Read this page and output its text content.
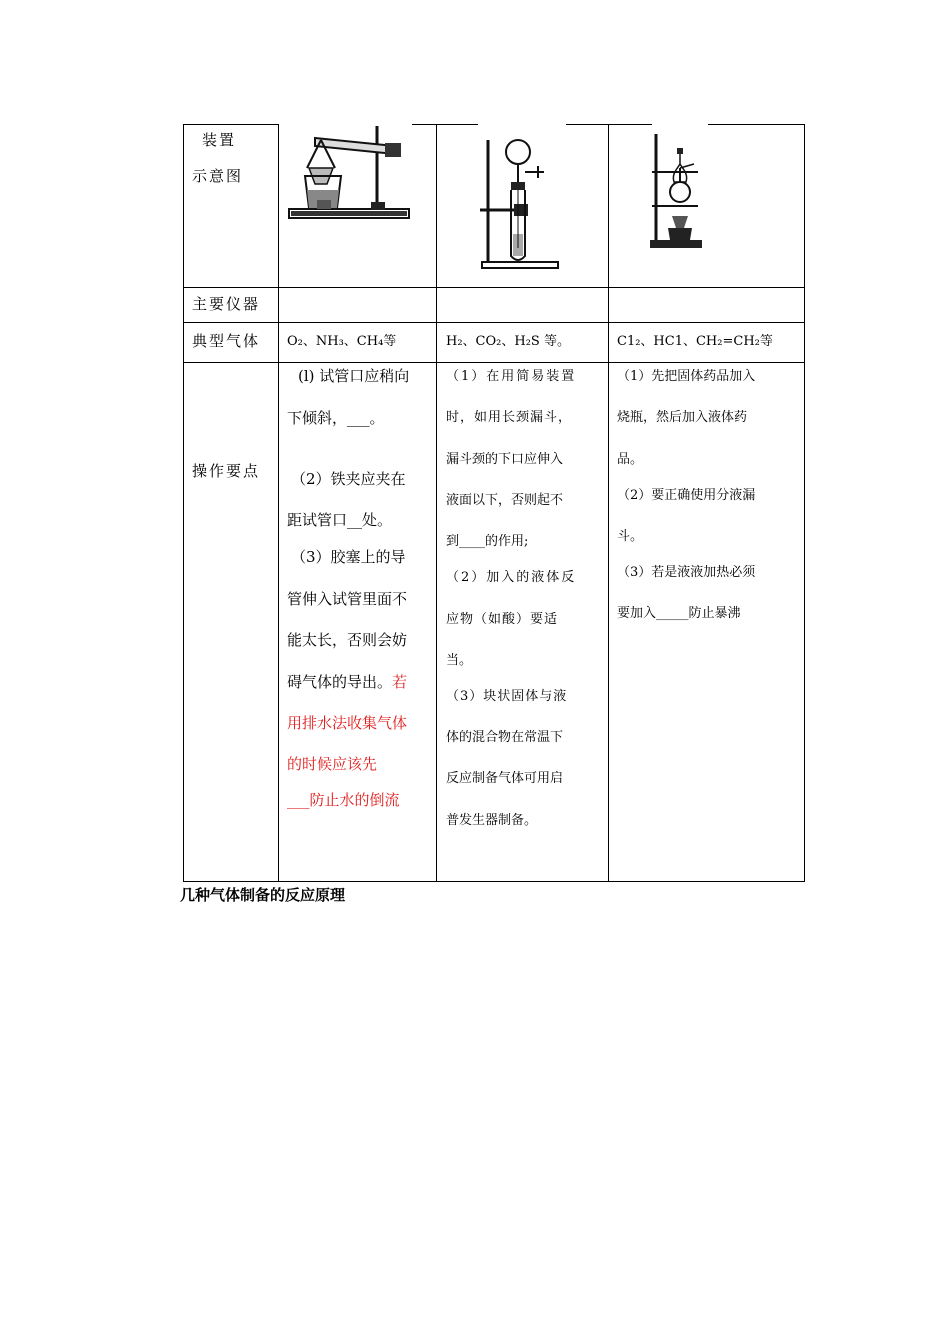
装置
示意图
主要仪器
典型气体 O₂、NH₃、CH₄等	H₂、CO₂、H₂S 等。	C1₂、HC1、CH₂=CH₂等
操作要点
(l) 试管口应稍向
下倾斜，___。
（2）铁夹应夹在
距试管口__处。
（3）胶塞上的导
管伸入试管里面不
能太长，否则会妨
碍气体的导出。若
用排水法收集气体
的时候应该先
___防止水的倒流
（1）在用简易装置
时，如用长颈漏斗，
漏斗颈的下口应伸入
液面以下，否则起不
到____的作用;
（2）加入的液体反
应物（如酸）要适
当。
（3）块状固体与液
体的混合物在常温下
反应制备气体可用启
普发生器制备。
（1）先把固体药品加入
烧瓶，然后加入液体药
品。
（2）要正确使用分液漏
斗。
（3）若是液液加热必须
要加入_____防止暴沸
几种气体制备的反应原理
